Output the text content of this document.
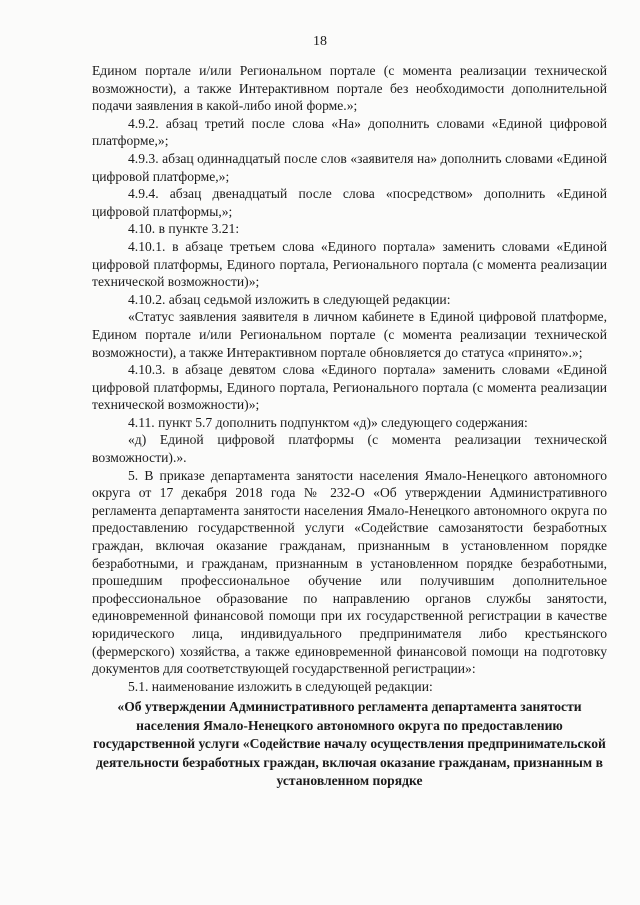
18

Едином портале и/или Региональном портале (с момента реализации технической возможности), а также Интерактивном портале без необходимости дополнительной подачи заявления в какой-либо иной форме.»;

4.9.2. абзац третий после слова «На» дополнить словами «Единой цифровой платформе,»;

4.9.3. абзац одиннадцатый после слов «заявителя на» дополнить словами «Единой цифровой платформе,»;

4.9.4. абзац двенадцатый после слова «посредством» дополнить «Единой цифровой платформы,»;

4.10. в пункте 3.21:

4.10.1. в абзаце третьем слова «Единого портала» заменить словами «Единой цифровой платформы, Единого портала, Регионального портала (с момента реализации технической возможности)»;

4.10.2. абзац седьмой изложить в следующей редакции:

«Статус заявления заявителя в личном кабинете в Единой цифровой платформе, Едином портале и/или Региональном портале (с момента реализации технической возможности), а также Интерактивном портале обновляется до статуса «принято».»;

4.10.3. в абзаце девятом слова «Единого портала» заменить словами «Единой цифровой платформы, Единого портала, Регионального портала (с момента реализации технической возможности)»;

4.11. пункт 5.7 дополнить подпунктом «д)» следующего содержания:

«д) Единой цифровой платформы (с момента реализации технической возможности).».

5. В приказе департамента занятости населения Ямало-Ненецкого автономного округа от 17 декабря 2018 года № 232-О «Об утверждении Административного регламента департамента занятости населения Ямало-Ненецкого автономного округа по предоставлению государственной услуги «Содействие самозанятости безработных граждан, включая оказание гражданам, признанным в установленном порядке безработными, и гражданам, признанным в установленном порядке безработными, прошедшим профессиональное обучение или получившим дополнительное профессиональное образование по направлению органов службы занятости, единовременной финансовой помощи при их государственной регистрации в качестве юридического лица, индивидуального предпринимателя либо крестьянского (фермерского) хозяйства, а также единовременной финансовой помощи на подготовку документов для соответствующей государственной регистрации»:

5.1. наименование изложить в следующей редакции:

«Об утверждении Административного регламента департамента занятости населения Ямало-Ненецкого автономного округа по предоставлению государственной услуги «Содействие началу осуществления предпринимательской деятельности безработных граждан, включая оказание гражданам, признанным в установленном порядке
